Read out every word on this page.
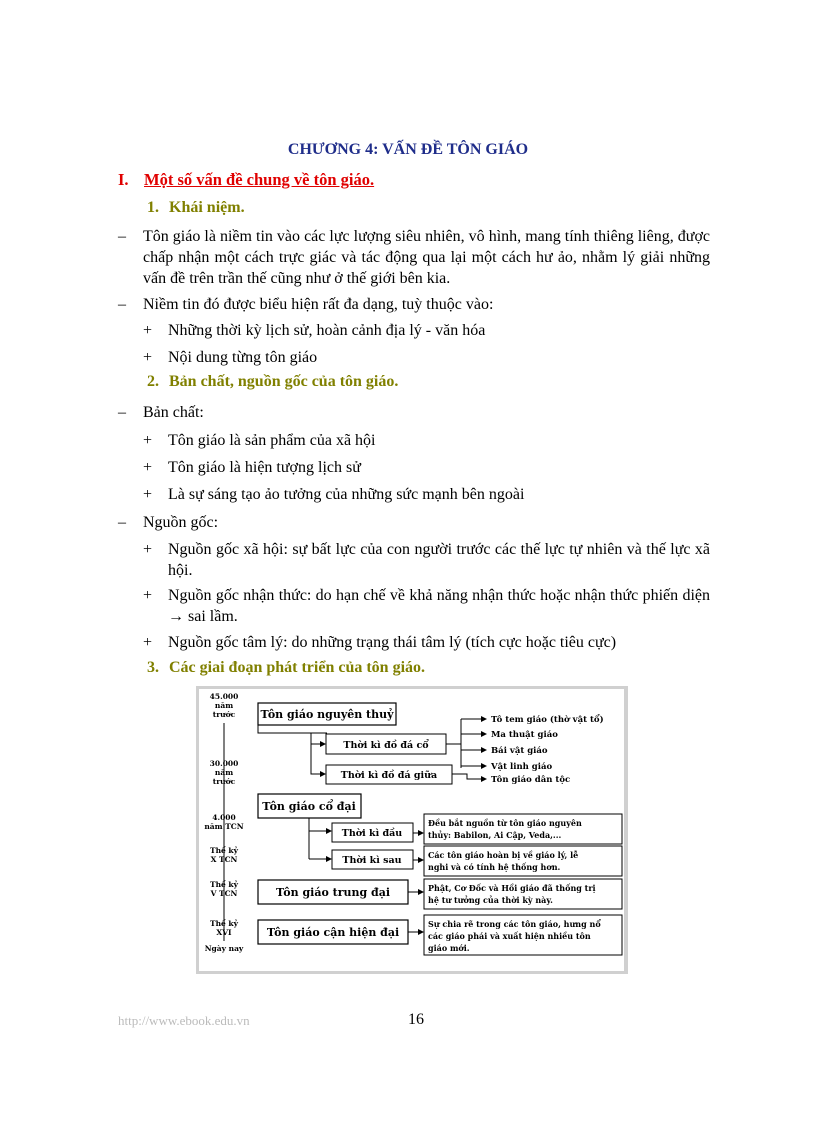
CHƯƠNG 4: VẤN ĐỀ TÔN GIÁO
I. Một số vấn đề chung về tôn giáo.
1. Khái niệm.
–	Tôn giáo là niềm tin vào các lực lượng siêu nhiên, vô hình, mang tính thiêng liêng, được chấp nhận một cách trực giác và tác động qua lại một cách hư ảo, nhằm lý giải những vấn đề trên trần thế cũng như ở thế giới bên kia.
–	Niềm tin đó được biểu hiện rất đa dạng, tuỳ thuộc vào:
+ Những thời kỳ lịch sử, hoàn cảnh địa lý - văn hóa
+ Nội dung từng tôn giáo
2. Bản chất, nguồn gốc của tôn giáo.
–	Bản chất:
+ Tôn giáo là sản phẩm của xã hội
+ Tôn giáo là hiện tượng lịch sử
+ Là sự sáng tạo ảo tưởng của những sức mạnh bên ngoài
–	Nguồn gốc:
+ Nguồn gốc xã hội: sự bất lực của con người trước các thế lực tự nhiên và thế lực xã hội.
+ Nguồn gốc nhận thức: do hạn chế về khả năng nhận thức hoặc nhận thức phiến diện → sai lầm.
+ Nguồn gốc tâm lý: do những trạng thái tâm lý (tích cực hoặc tiêu cực)
3. Các giai đoạn phát triển của tôn giáo.
45.000
năm
trước
30.000
năm
trước
4.000
năm TCN
Thế kỷ
X TCN
Thế kỷ
V TCN
Thế kỷ
XVI
Ngày nay
Tôn giáo nguyên thuỷ
Thời kì đồ đá cổ
Thời kì đồ đá giữa
Tô tem giáo (thờ vật tổ)
Ma thuật giáo
Bái vật giáo
Vật linh giáo
Tôn giáo dân tộc
Tôn giáo cổ đại
Thời kì đầu
Thời kì sau
Đều bắt nguồn từ tôn giáo nguyên
thủy: Babilon, Ai Cập, Veda,...
Các tôn giáo hoàn bị về giáo lý, lễ
nghi và có tính hệ thống hơn.
Tôn giáo trung đại	Phật, Cơ Đốc và Hồi giáo đã thống trị
hệ tư tưởng của thời kỳ này.
Tôn giáo cận hiện đại
Sự chia rẽ trong các tôn giáo, hưng nổ
các giáo phái và xuất hiện nhiều tôn
giáo mới.
http://www.ebook.edu.vn	16
